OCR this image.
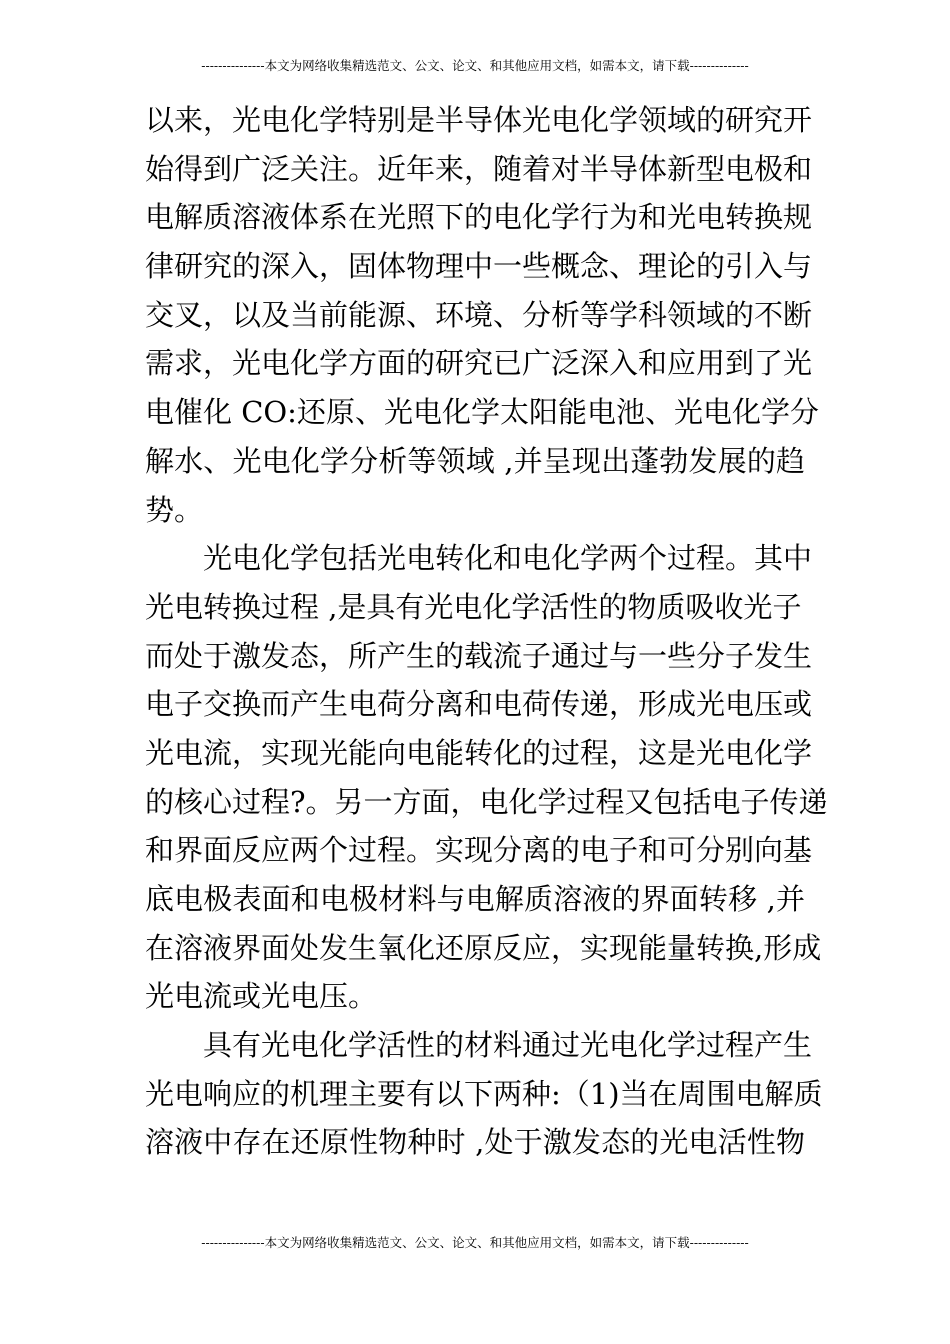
---------------本文为网络收集精选范文、公文、论文、和其他应用文档，如需本文，请下载--------------
以来，光电化学特别是半导体光电化学领域的研究开
始得到广泛关注。近年来，随着对半导体新型电极和
电解质溶液体系在光照下的电化学行为和光电转换规
律研究的深入，固体物理中一些概念、理论的引入与
交叉，以及当前能源、环境、分析等学科领域的不断
需求，光电化学方面的研究已广泛深入和应用到了光
电催化 CO:还原、光电化学太阳能电池、光电化学分
解水、光电化学分析等领域 ,并呈现出蓬勃发展的趋
势。
光电化学包括光电转化和电化学两个过程。其中
光电转换过程 ,是具有光电化学活性的物质吸收光子
而处于激发态，所产生的载流子通过与一些分子发生
电子交换而产生电荷分离和电荷传递，形成光电压或
光电流，实现光能向电能转化的过程，这是光电化学
的核心过程?。另一方面，电化学过程又包括电子传递
和界面反应两个过程。实现分离的电子和可分别向基
底电极表面和电极材料与电解质溶液的界面转移 ,并
在溶液界面处发生氧化还原反应，实现能量转换,形成
光电流或光电压。
具有光电化学活性的材料通过光电化学过程产生
光电响应的机理主要有以下两种:（1)当在周围电解质
溶液中存在还原性物种时 ,处于激发态的光电活性物
---------------本文为网络收集精选范文、公文、论文、和其他应用文档，如需本文，请下载--------------
